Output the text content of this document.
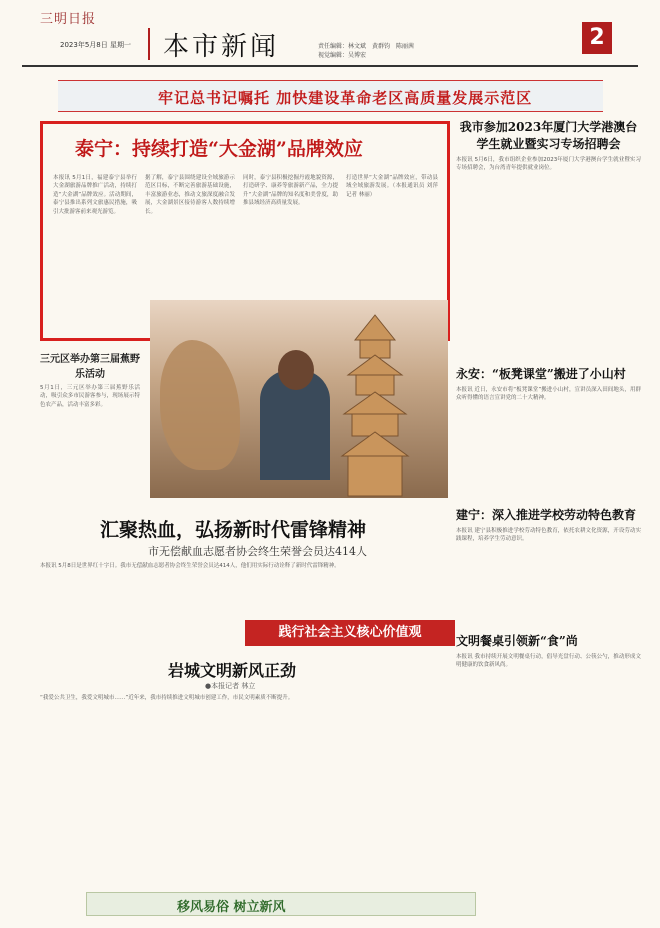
三明日报
2023年5月8日 星期一 本市新闻	责任编辑：林文斌　黄群钧　陈丽茜
视觉编辑：吴博宏
2
牢记总书记嘱托 加快建设革命老区高质量发展示范区
泰宁：持续打造“大金湖”品牌效应
本报讯 5月1日，福建泰宁县举行大金湖旅游品牌推广活动，持续打造“大金湖”品牌效应。活动期间，泰宁县推出系列文旅惠民措施，吸引大批游客前来观光游览。
据了解，泰宁县围绕建设全域旅游示范区目标，不断完善旅游基础设施，丰富旅游业态，推动文旅深度融合发展，大金湖景区接待游客人数持续增长。
同时，泰宁县积极挖掘丹霞地貌资源，打造研学、康养等旅游新产品，全力提升“大金湖”品牌的知名度和美誉度，助推县域经济高质量发展。
打造世界“大金湖”品牌效应，带动县域全域旅游发展。（本报通讯员 刘萍 记者 林丽）
我市参加2023年厦门大学港澳台学生就业暨实习专场招聘会
本报讯 5月6日，我市组织企业参加2023年厦门大学港澳台学生就业暨实习专场招聘会，为台湾青年提供就业岗位。
三元区举办第三届蕉野乐活动
5月1日，三元区举办第三届蕉野乐活动，吸引众多市民游客参与，现场展示特色农产品，活动丰富多彩。
永安：“板凳课堂”搬进了小山村
本报讯 近日，永安市将“板凳课堂”搬进小山村，宣讲员深入田间地头，用群众听得懂的语言宣讲党的二十大精神。
建宁：深入推进学校劳动特色教育
本报讯 建宁县积极推进学校劳动特色教育，依托农耕文化资源，开设劳动实践课程，培养学生劳动意识。
汇聚热血，弘扬新时代雷锋精神
市无偿献血志愿者协会终生荣誉会员达414人
本报讯 5月8日是世界红十字日。我市无偿献血志愿者协会终生荣誉会员达414人，他们用实际行动诠释了新时代雷锋精神。
践行社会主义核心价值观
文明餐桌引领新“食”尚
本报讯 我市持续开展文明餐桌行动，倡导光盘行动、公筷公勺，推动形成文明健康的饮食新风尚。
岩城文明新风正劲
●本报记者 林立
“我爱公共卫生，我爱文明城市……”近年来，我市持续推进文明城市创建工作，市民文明素质不断提升。
移风易俗 树立新风
